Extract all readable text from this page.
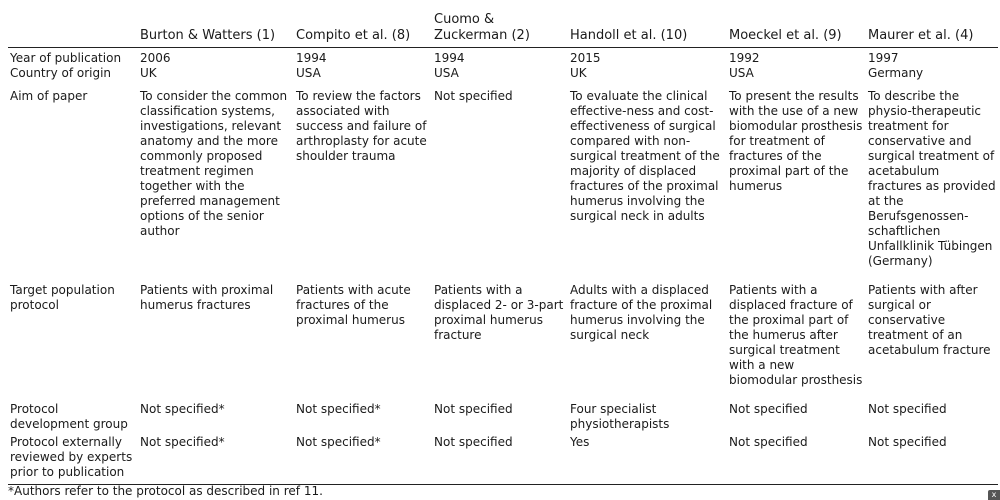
	Burton & Watters (1)	Compito et al. (8)	Cuomo & Zuckerman (2)	Handoll et al. (10)	Moeckel et al. (9)	Maurer et al. (4)
Year of publication	2006	1994	1994	2015	1992	1997
Country of origin	UK	USA	USA	UK	USA	Germany
Aim of paper	To consider the common classification systems, investigations, relevant anatomy and the more commonly proposed treatment regimen together with the preferred management options of the senior author	To review the factors associated with success and failure of arthroplasty for acute shoulder trauma	Not specified	To evaluate the clinical effective-ness and cost-effectiveness of surgical compared with non-surgical treatment of the majority of displaced fractures of the proximal humerus involving the surgical neck in adults	To present the results with the use of a new biomodular prosthesis for treatment of fractures of the proximal part of the humerus	To describe the physio-therapeutic treatment for conservative and surgical treatment of acetabulum fractures as provided at the Berufsgenossen-schaftlichen Unfallklinik Tübingen (Germany)
Target population protocol	Patients with proximal humerus fractures	Patients with acute fractures of the proximal humerus	Patients with a displaced 2- or 3-part proximal humerus fracture	Adults with a displaced fracture of the proximal humerus involving the surgical neck	Patients with a displaced fracture of the proximal part of the humerus after surgical treatment with a new biomodular prosthesis	Patients with after surgical or conservative treatment of an acetabulum fracture
Protocol development group	Not specified*	Not specified*	Not specified	Four specialist physiotherapists	Not specified	Not specified
Protocol externally reviewed by experts prior to publication	Not specified*	Not specified*	Not specified	Yes	Not specified	Not specified
*Authors refer to the protocol as described in ref 11.	x
